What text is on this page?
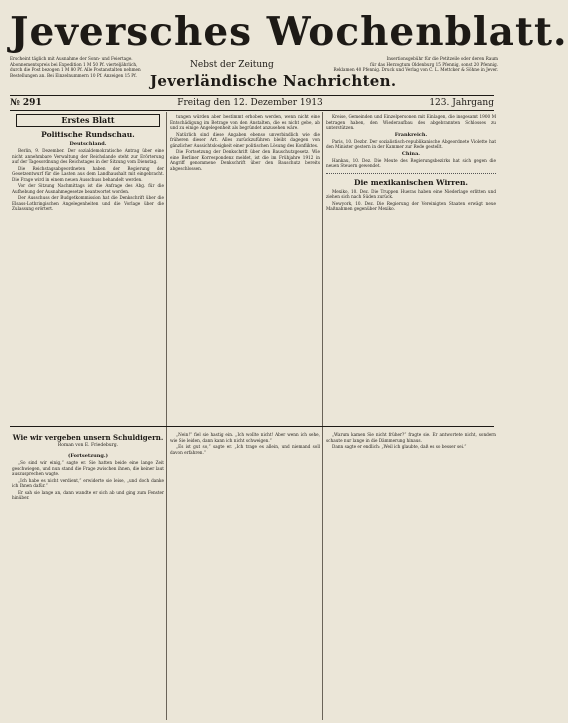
Jeversches Wochenblatt.
Erscheint täglich mit Ausnahme der Sonn- und Feiertage.
Abonnementspreis bei Expedition 1 M 50 Pf. vierteljährlich,
durch die Post bezogen 1 M 80 Pf. Alle Postanstalten nehmen
Bestellungen an. Bei Einzelnummern 10 Pf. Anzeigen 15 Pf.
Nebst der Zeitung
Insertionsgebühr für die Petitzeile oder deren Raum
für das Herzogtum Oldenburg 15 Pfennig, sonst 20 Pfennig.
Reklamen 40 Pfennig. Druck und Verlag von C. L. Mettcker & Söhne in Jever.
Jeverländische Nachrichten.
№ 291	Freitag den 12. Dezember 1913	123. Jahrgang
Erstes Blatt
Politische Rundschau.
Deutschland.

Berlin, 9. Dezember. Der sozialdemokratische Antrag über eine nicht annehmbare Verwaltung der Reichslande steht zur Erörterung auf der Tagesordnung des Reichstages in der Sitzung vom Dienstag.

Die Reichstagsabgeordneten haben der Regierung der Gesetzentwurf für die Lasten aus dem Landhaushalt mit eingebracht. Die Frage wird in einem neuen Ausschuss behandelt werden.

Vor der Sitzung Nachmittags ist die Anfrage des Abg. für die Aufhebung der Ausnahmegesetze beantwortet worden.

Der Ausschuss der Budgetkommission hat die Denkschrift über die Elsass-Lothringischen Angelegenheiten und die Vorlage über die Zulassung erörtert.

tungen würden aber bestimmt erhoben werden, wenn nicht eine Entschädigung im Betrage von den Anstalten, die es nicht gebe, ab und zu einige Angelegenheit als begründet anzusehen wäre.

Natürlich sind diese Angaben ebenso unverbindlich wie die früheren dieser Art. Alles zurückzuführen bleibt dagegen von gänzlicher Aussichtslosigkeit einer politischen Lösung des Konfliktes.

Die Fortsetzung der Denkschrift über den Bauschutzgesetz. Wie eine Berliner Korrespondenz meldet, ist die im Frühjahre 1912 in Angriff genommene Denkschrift über den Bauschutz bereits abgeschlossen.

Kreise, Gemeinden und Einzelpersonen mit Einlagen, die insgesamt 1900 M betragen haben, den Wiederaufbau des abgebrannten Schlosses zu unterstützen.

Frankreich.

Paris, 10. Dezbr. Der sozialistisch-republikanische Abgeordnete Violette hat den Minister gestern in der Kammer zur Rede gestellt.

China.

Hankau, 10. Dez. Die Meute des Regierungsbezirks hat sich gegen die neuen Steuern gewendet.

Die mexikanischen Wirren.

Mexiko, 10. Dez. Die Truppen Hueras haben eine Niederlage erlitten und ziehen sich nach Süden zurück.

Newyork, 10. Dez. Die Regierung der Vereinigten Staaten erwägt neue Maßnahmen gegenüber Mexiko.

Wie wir vergeben unsern Schuldigern.
Roman von E. Friedeburg.
(Fortsetzung.)

„So sind wir einig,“ sagte er. Sie hatten beide eine lange Zeit geschwiegen, und nun stand die Frage zwischen ihnen, die keiner laut auszusprechen wagte.

„Ich habe es nicht verdient,“ erwiderte sie leise, „und doch danke ich Ihnen dafür.“

Er sah sie lange an, dann wandte er sich ab und ging zum Fenster hinüber.

„Nein!“ fiel sie hastig ein. „Ich wollte nicht! Aber wenn ich sehe, wie Sie leiden, dann kann ich nicht schweigen.“

„Es ist gut so,“ sagte er. „Ich trage es allein, und niemand soll davon erfahren.“

„Warum kamen Sie nicht früher?“ fragte sie. Er antwortete nicht, sondern schaute nur lange in die Dämmerung hinaus.

Dann sagte er endlich: „Weil ich glaubte, daß es so besser sei.“
